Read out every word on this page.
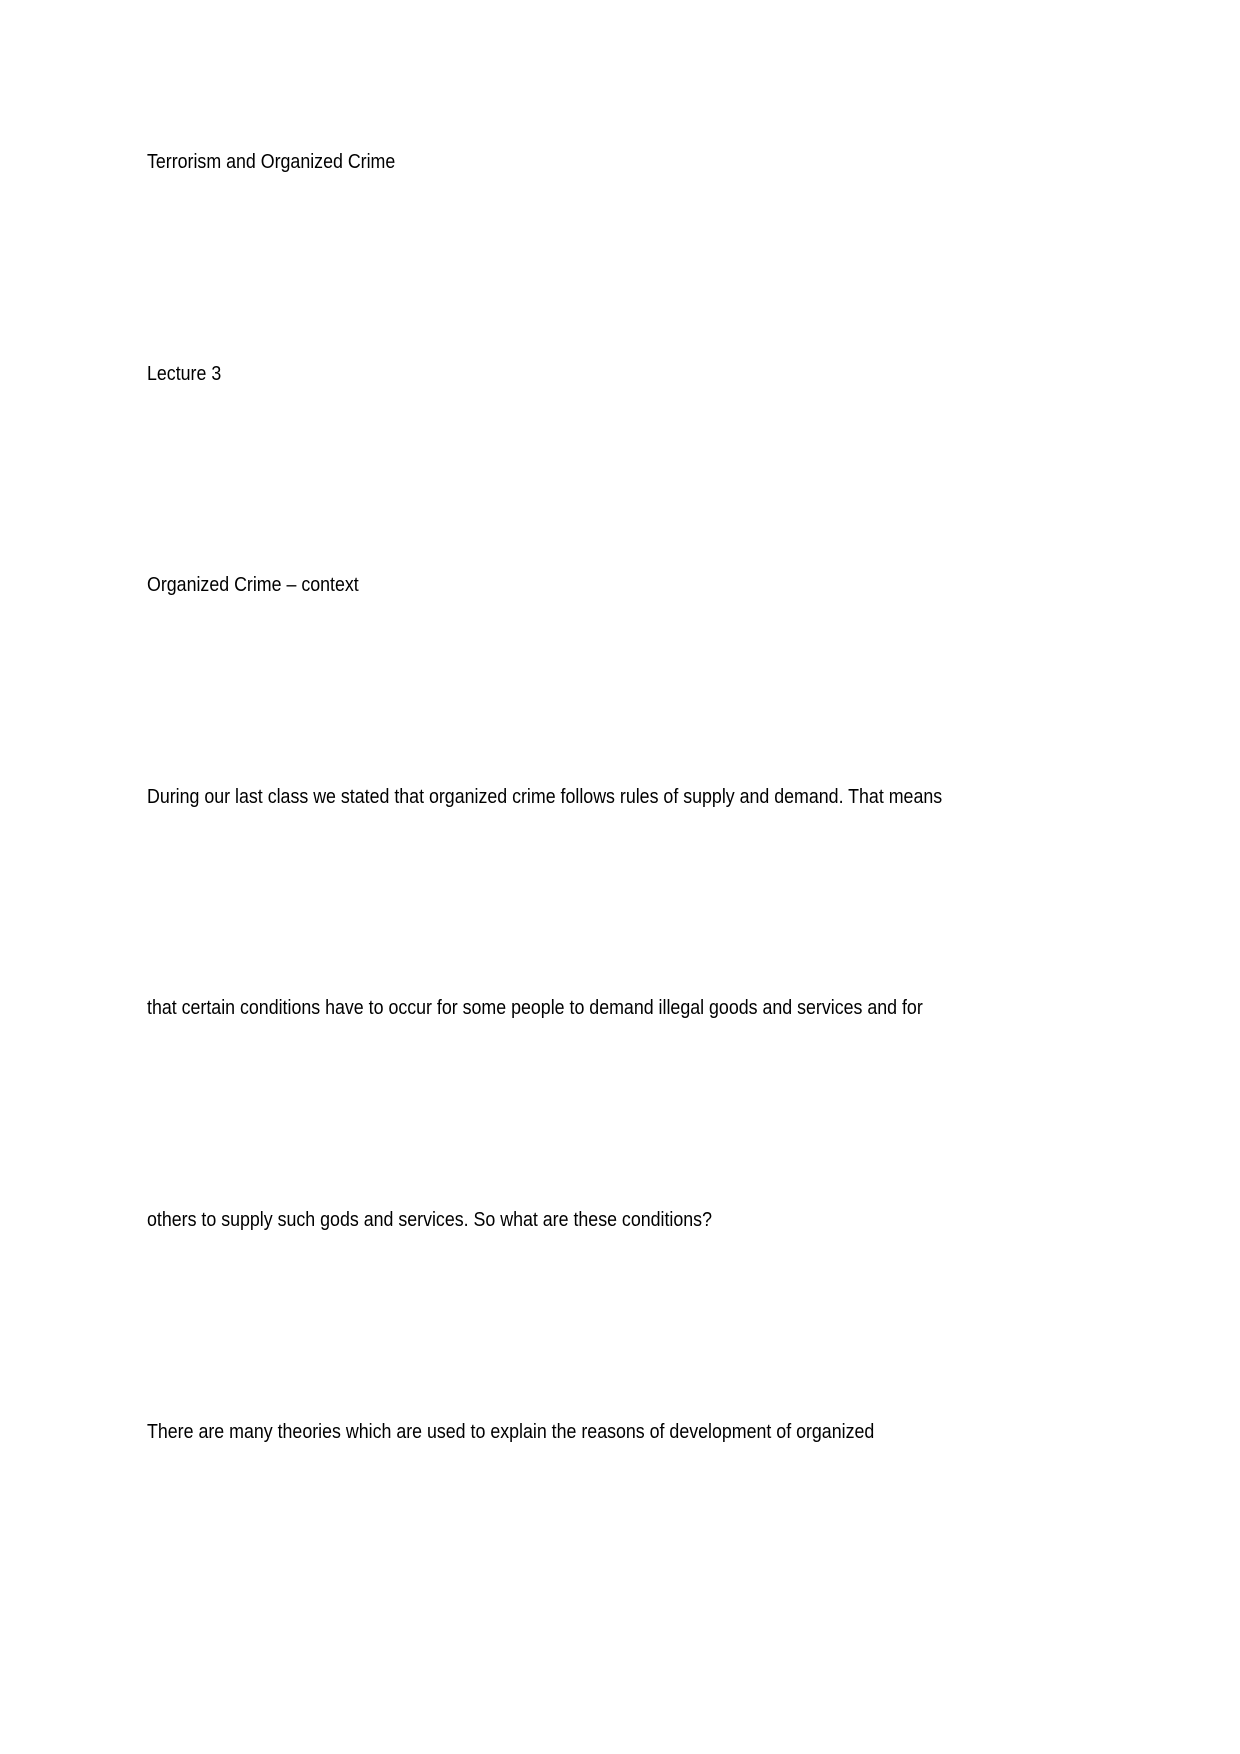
Terrorism and Organized Crime
Lecture 3
Organized Crime – context
During our last class we stated that organized crime follows rules of supply and demand. That means
that certain conditions have to occur for some people to demand illegal goods and services and for
others to supply such gods and services. So what are these conditions?
There are many theories which are used to explain the reasons of development of organized
